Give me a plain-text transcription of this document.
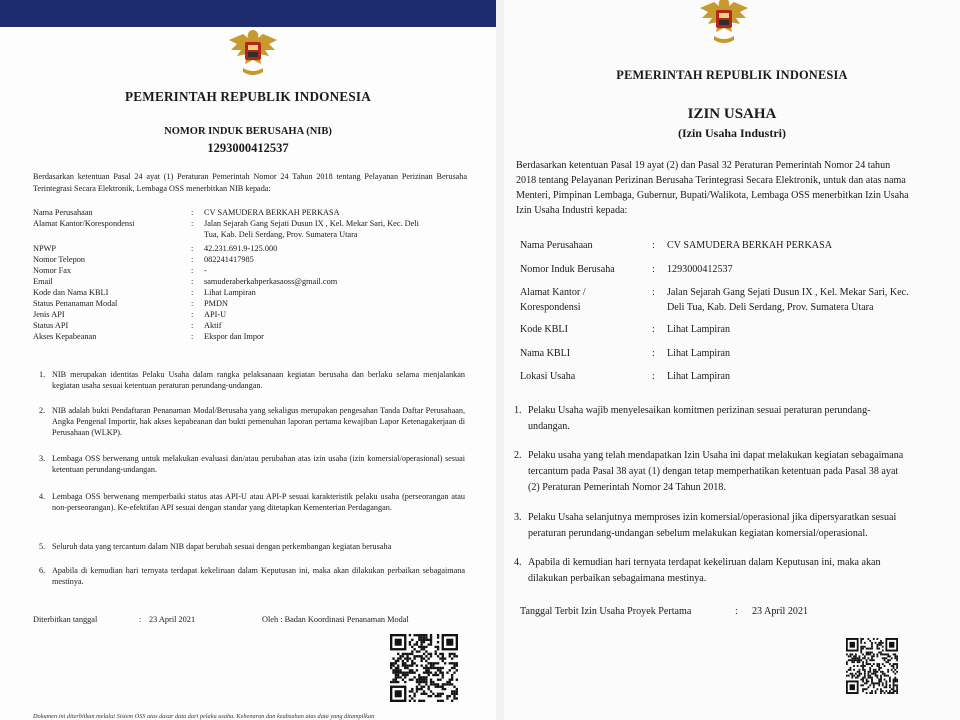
PEMERINTAH REPUBLIK INDONESIA
NOMOR INDUK BERUSAHA (NIB)
1293000412537
Berdasarkan ketentuan Pasal 24 ayat (1) Peraturan Pemerintah Nomor 24 Tahun 2018 tentang Pelayanan Perizinan Berusaha Terintegrasi Secara Elektronik, Lembaga OSS menerbitkan NIB kepada:
Nama Perusahaan	: CV SAMUDERA BERKAH PERKASA
Alamat Kantor/Korespondensi	: Jalan Sejarah Gang Sejati Dusun IX , Kel. Mekar Sari, Kec. Deli
Tua, Kab. Deli Serdang, Prov. Sumatera Utara
NPWP	: 42.231.691.9-125.000
Nomor Telepon	: 082241417985
Nomor Fax	: -
Email	: samuderaberkahperkasaoss@gmail.com
Kode dan Nama KBLI	: Lihat Lampiran
Status Penanaman Modal	: PMDN
Jenis API	: API-U
Status API	: Aktif
Akses Kepabeanan	: Ekspor dan Impor
1. NIB merupakan identitas Pelaku Usaha dalam rangka pelaksanaan kegiatan berusaha dan berlaku selama menjalankan kegiatan usaha sesuai ketentuan peraturan perundang-undangan.
2. NIB adalah bukti Pendaftaran Penanaman Modal/Berusaha yang sekaligus merupakan pengesahan Tanda Daftar Perusahaan, Angka Pengenal Importir, hak akses kepabeanan dan bukti pemenuhan laporan pertama kewajiban Lapor Ketenagakerjaan di Perusahaan (WLKP).
3. Lembaga OSS berwenang untuk melakukan evaluasi dan/atau perubahan atas izin usaha (izin komersial/operasional) sesuai ketentuan perundang-undangan.
4. Lembaga OSS berwenang memperbaiki status atas API-U atau API-P sesuai karakteristik pelaku usaha (perseorangan atau non-perseorangan). Ke-efektifan API sesuai dengan standar yang ditetapkan Kementerian Perdagangan.
5. Seluruh data yang tercantum dalam NIB dapat berubah sesuai dengan perkembangan kegiatan berusaha
6. Apabila di kemudian hari ternyata terdapat kekeliruan dalam Keputusan ini, maka akan dilakukan perbaikan sebagaimana mestinya.
Diterbitkan tanggal	: 23 April 2021	Oleh : Badan Koordinasi Penanaman Modal
Dokumen ini diterbitkan melalui Sistem OSS atas dasar data dari pelaku usaha. Kebenaran dan keabsahan atas data yang ditampilkan
PEMERINTAH REPUBLIK INDONESIA
IZIN USAHA
(Izin Usaha Industri)
Berdasarkan ketentuan Pasal 19 ayat (2) dan Pasal 32 Peraturan Pemerintah Nomor 24 tahun
2018 tentang Pelayanan Perizinan Berusaha Terintegrasi Secara Elektronik, untuk dan atas nama
Menteri, Pimpinan Lembaga, Gubernur, Bupati/Walikota, Lembaga OSS menerbitkan Izin Usaha
Izin Usaha Industri kepada:
Nama Perusahaan	: CV SAMUDERA BERKAH PERKASA
Nomor Induk Berusaha	: 1293000412537
Alamat Kantor /
Korespondensi
: Jalan Sejarah Gang Sejati Dusun IX , Kel. Mekar Sari, Kec.
Deli Tua, Kab. Deli Serdang, Prov. Sumatera Utara
Kode KBLI	: Lihat Lampiran
Nama KBLI	: Lihat Lampiran
Lokasi Usaha	: Lihat Lampiran
1. Pelaku Usaha wajib menyelesaikan komitmen perizinan sesuai peraturan perundang-
undangan.
2. Pelaku usaha yang telah mendapatkan Izin Usaha ini dapat melakukan kegiatan sebagaimana
tercantum pada Pasal 38 ayat (1) dengan tetap memperhatikan ketentuan pada Pasal 38 ayat
(2) Peraturan Pemerintah Nomor 24 Tahun 2018.
3. Pelaku Usaha selanjutnya memproses izin komersial/operasional jika dipersyaratkan sesuai
peraturan perundang-undangan sebelum melakukan kegiatan komersial/operasional.
4. Apabila di kemudian hari ternyata terdapat kekeliruan dalam Keputusan ini, maka akan
dilakukan perbaikan sebagaimana mestinya.
Tanggal Terbit Izin Usaha Proyek Pertama	: 23 April 2021
